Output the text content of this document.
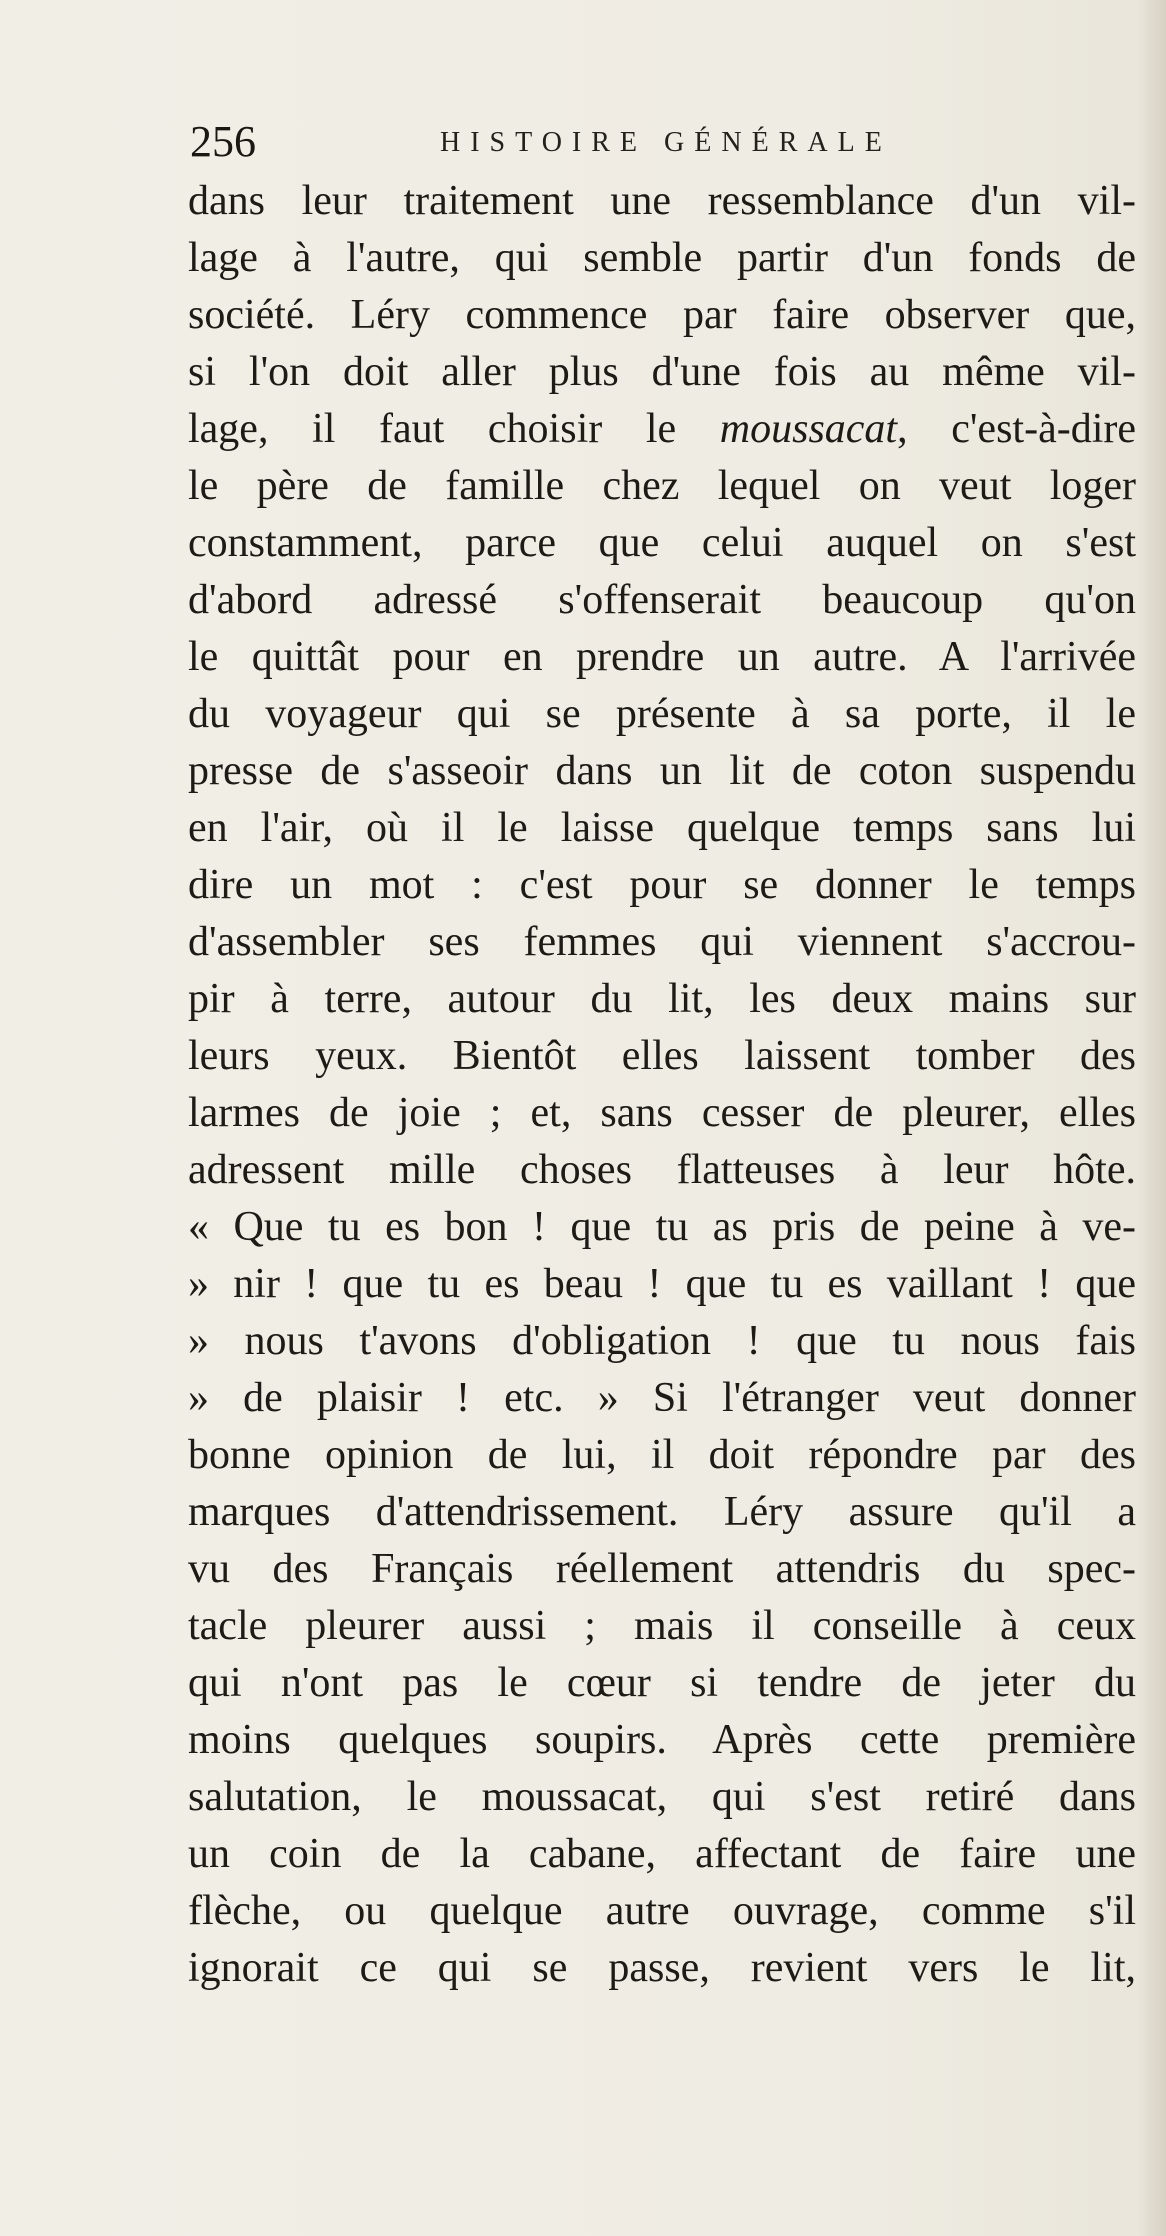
256	HISTOIRE GÉNÉRALE
dans leur traitement une ressemblance d'un vil-
lage à l'autre, qui semble partir d'un fonds de
société. Léry commence par faire observer que,
si l'on doit aller plus d'une fois au même vil-
lage, il faut choisir le moussacat, c'est-à-dire
le père de famille chez lequel on veut loger
constamment, parce que celui auquel on s'est
d'abord adressé s'offenserait beaucoup qu'on
le quittât pour en prendre un autre. A l'arrivée
du voyageur qui se présente à sa porte, il le
presse de s'asseoir dans un lit de coton suspendu
en l'air, où il le laisse quelque temps sans lui
dire un mot : c'est pour se donner le temps
d'assembler ses femmes qui viennent s'accrou-
pir à terre, autour du lit, les deux mains sur
leurs yeux. Bientôt elles laissent tomber des
larmes de joie ; et, sans cesser de pleurer, elles
adressent mille choses flatteuses à leur hôte.
« Que tu es bon ! que tu as pris de peine à ve-
» nir ! que tu es beau ! que tu es vaillant ! que
» nous t'avons d'obligation ! que tu nous fais
» de plaisir ! etc. » Si l'étranger veut donner
bonne opinion de lui, il doit répondre par des
marques d'attendrissement. Léry assure qu'il a
vu des Français réellement attendris du spec-
tacle pleurer aussi ; mais il conseille à ceux
qui n'ont pas le cœur si tendre de jeter du
moins quelques soupirs. Après cette première
salutation, le moussacat, qui s'est retiré dans
un coin de la cabane, affectant de faire une
flèche, ou quelque autre ouvrage, comme s'il
ignorait ce qui se passe, revient vers le lit,
